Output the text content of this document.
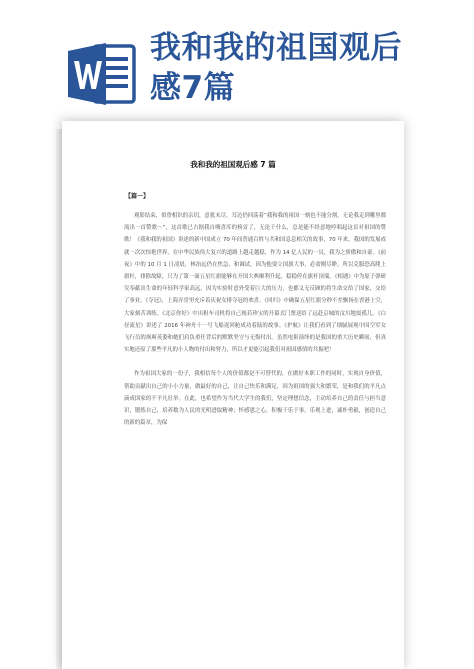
我和我的祖国观后
感7篇
我和我的祖国观后感 7 篇
【篇一】

观影结束，似曾相识的亲切，意犹未尽。耳边仍回荡着“我和我的祖国一刻也不能分割，无论我走到哪里都流出一首赞歌～”，这首歌已占据我自嗨喜库的榜首了，无论千什么，总是能不经意地哼唱起这首对祖国的赞歌！《我和我的祖国》讲述的新中国成立 70 年间普通百姓与共和国息息相关的故事，70 年来，我国的发展成就一次次惊艳世界，在中华民族伟大复兴的道路上越走越稳，作为 14 亿人民的一员，我为之骄傲和自豪。《前夜》中的 10 月 1 日凌晨，林治远仍在焦急、和调试，因为他要立国旗大事，必需刚尽睁，所以克服恐高爬上旗杆，排除故障，只为了第一面五星红旗能够在开国大典顺利升起，稳稳停在旗杆顶端。《相遇》中为原子弹研究奉献出生命的年轻科学家高远，因为实验时意外受着巨大的压力，也都义无反顾的将生命交给了国家，交给了事业。《夺冠》，上海弄堂里充斥着庆祝女排夺冠的欢喜。《回归》中确保五星红旗分秒不差飘扬在香港上空，大家刻苦训练。《北京你好》中出租车司机将自己视若珍宝的开幕式门票送给了远赴京城的汶川地震孤儿。《白昼流星》讲述了 2016 年神舟十一号飞船返回舱成功着陆的故事。《护航》让我们看到了细腻展现中国空军女飞行员的飒爽英姿和她们肩负重任背后的默默坚守与无悔付出。虽然电影演绎的是我国的重大历史瞬间，但真实地还原了那些平凡的小人物的付出和努力，所以才更能引起我们对祖国感情的共振吧！

作为祖国大家的一份子，我相信每个人的价值都是不可替代的，在做好本职工作的同时，实现自身价值，帮助贡献出自己的小小力量，做最好的自己，让自己快乐和满足，因为祖国的强大和繁荣，是和我们的平凡点滴成国家的不平凡壮举。在此，也希望作为当代大学生的我们，坚定理想信念，主动培养自己的责任与担当意识，锻炼自己，培养数为人民的光明进取精神；怀感恩之心，积极于乐于事，乐观上进，诚朴勇毅，创造自己的新的篇章，为保
